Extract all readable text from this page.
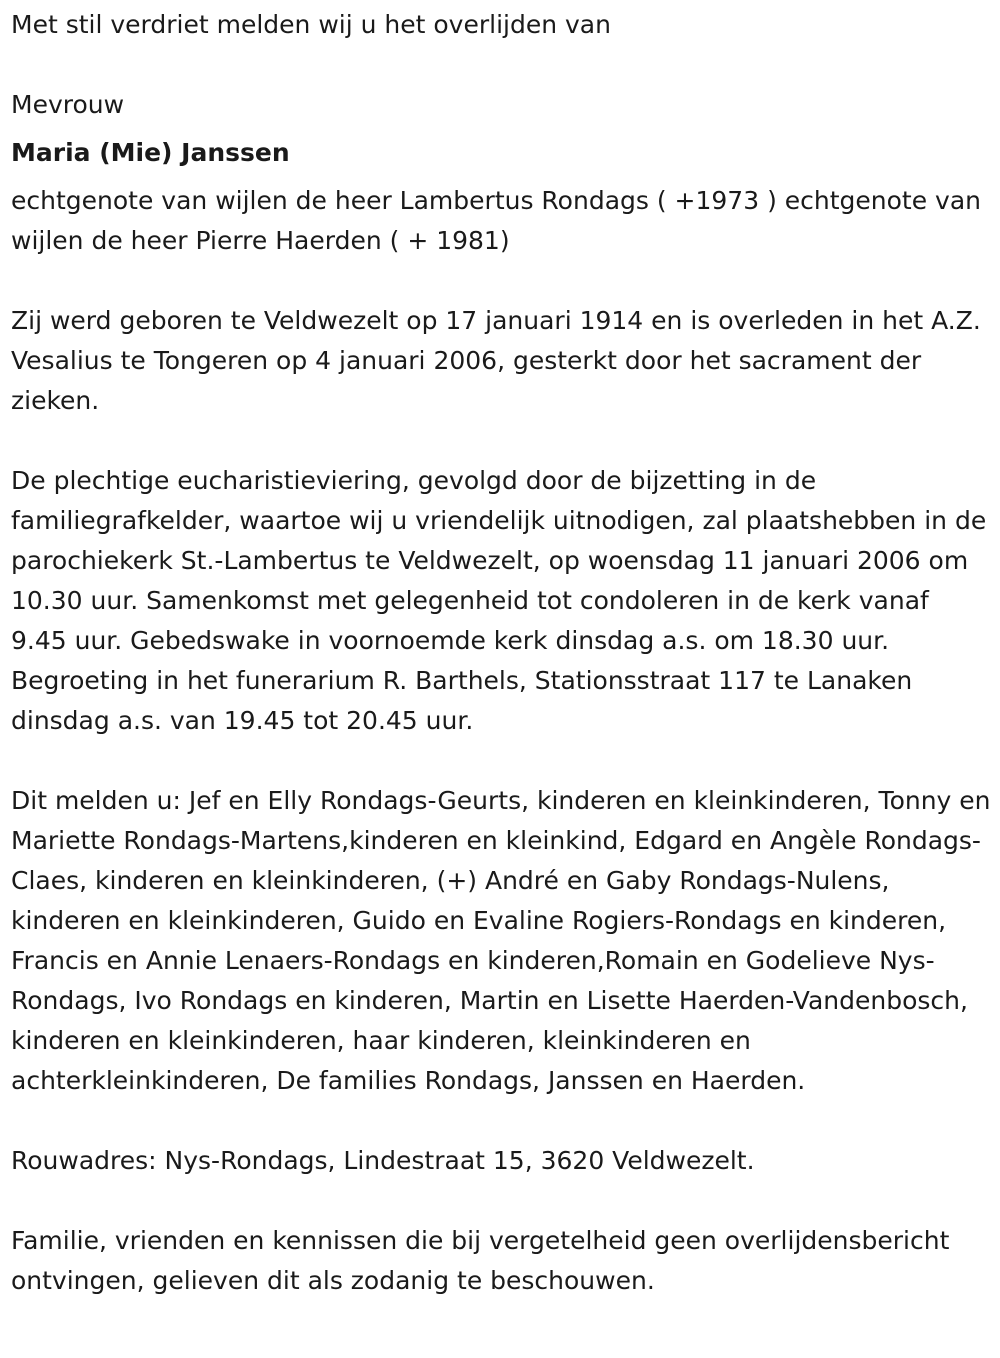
Met stil verdriet melden wij u het overlijden van

Mevrouw

Maria (Mie) Janssen

echtgenote van wijlen de heer Lambertus Rondags ( +1973 ) echtgenote van wijlen de heer Pierre Haerden ( + 1981)

Zij werd geboren te Veldwezelt op 17 januari 1914 en is overleden in het A.Z. Vesalius te Tongeren op 4 januari 2006, gesterkt door het sacrament der zieken.

De plechtige eucharistieviering, gevolgd door de bijzetting in de familiegrafkelder, waartoe wij u vriendelijk uitnodigen, zal plaatshebben in de parochiekerk St.-Lambertus te Veldwezelt, op woensdag 11 januari 2006 om 10.30 uur. Samenkomst met gelegenheid tot condoleren in de kerk vanaf 9.45 uur. Gebedswake in voornoemde kerk dinsdag a.s. om 18.30 uur. Begroeting in het funerarium R. Barthels, Stationsstraat 117 te Lanaken dinsdag a.s. van 19.45 tot 20.45 uur.

Dit melden u: Jef en Elly Rondags-Geurts, kinderen en kleinkinderen, Tonny en Mariette Rondags-Martens,kinderen en kleinkind, Edgard en Angèle Rondags-Claes, kinderen en kleinkinderen, (+) André en Gaby Rondags-Nulens, kinderen en kleinkinderen, Guido en Evaline Rogiers-Rondags en kinderen, Francis en Annie Lenaers-Rondags en kinderen,Romain en Godelieve Nys-Rondags, Ivo Rondags en kinderen, Martin en Lisette Haerden-Vandenbosch, kinderen en kleinkinderen, haar kinderen, kleinkinderen en achterkleinkinderen, De families Rondags, Janssen en Haerden.

Rouwadres: Nys-Rondags, Lindestraat 15, 3620 Veldwezelt.

Familie, vrienden en kennissen die bij vergetelheid geen overlijdensbericht ontvingen, gelieven dit als zodanig te beschouwen.
